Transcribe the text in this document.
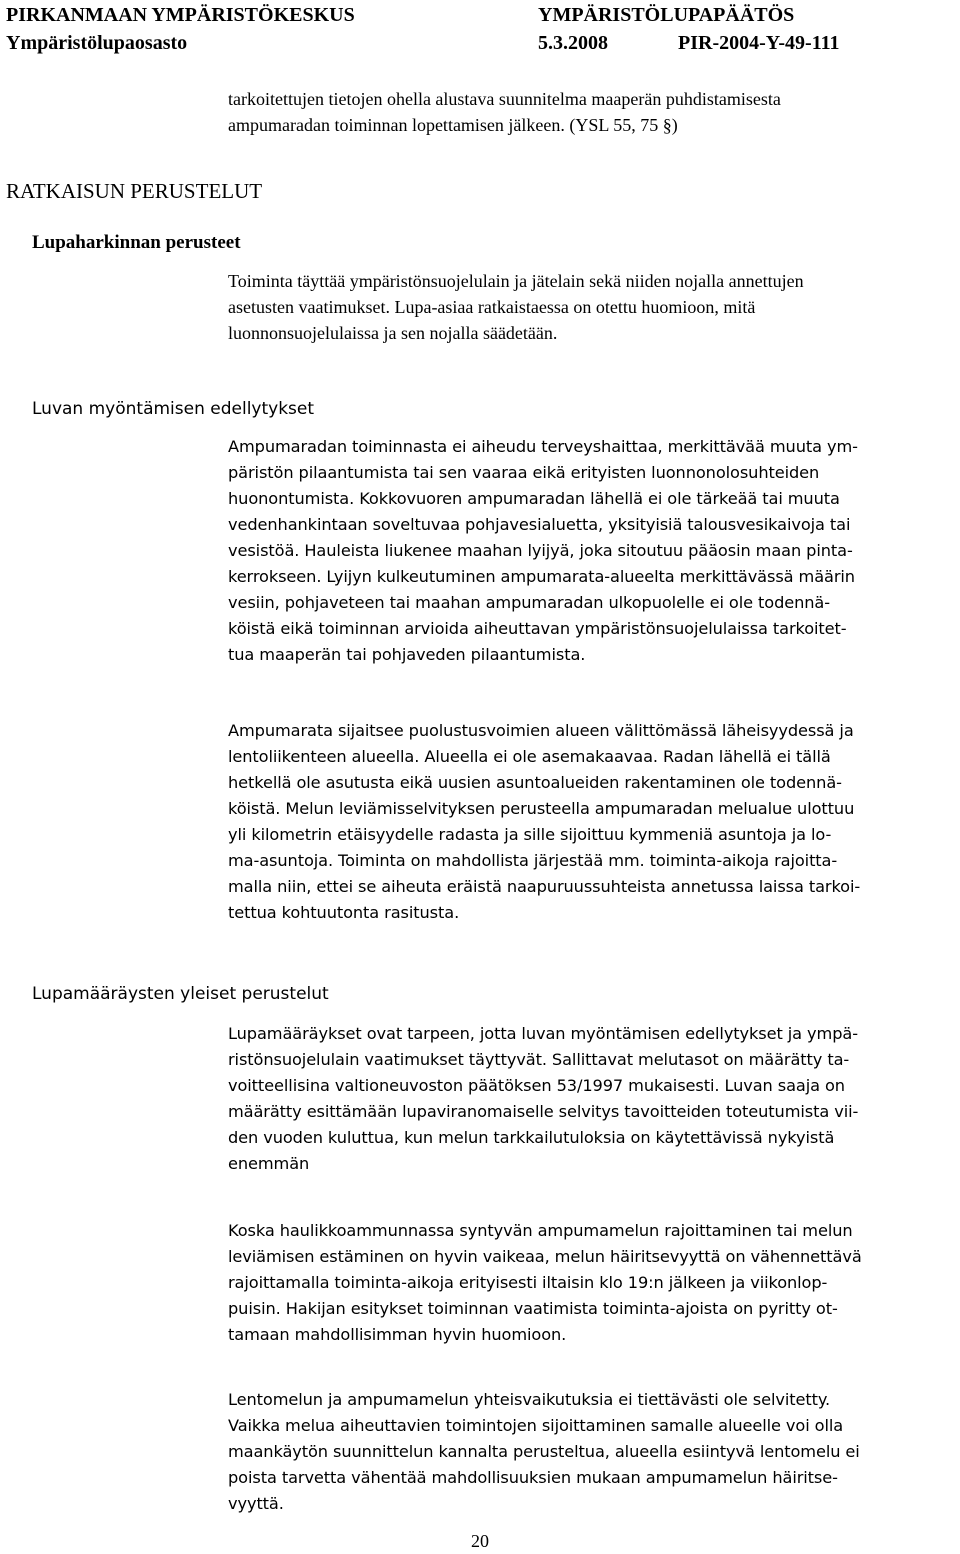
PIRKANMAAN YMPÄRISTÖKESKUS	YMPÄRISTÖLUPAPÄÄTÖS
Ympäristölupaosasto	5.3.2008	PIR-2004-Y-49-111
tarkoitettujen tietojen ohella alustava suunnitelma maaperän puhdistamisesta
ampumaradan toiminnan lopettamisen jälkeen. (YSL 55, 75 §)
RATKAISUN PERUSTELUT
Lupaharkinnan perusteet
Toiminta täyttää ympäristönsuojelulain ja jätelain sekä niiden nojalla annettujen
asetusten vaatimukset. Lupa-asiaa ratkaistaessa on otettu huomioon, mitä
luonnonsuojelulaissa ja sen nojalla säädetään.
Luvan myöntämisen edellytykset
Ampumaradan toiminnasta ei aiheudu terveyshaittaa, merkittävää muuta ym-
päristön pilaantumista tai sen vaaraa eikä erityisten luonnonolosuhteiden
huonontumista. Kokkovuoren ampumaradan lähellä ei ole tärkeää tai muuta
vedenhankintaan soveltuvaa pohjavesialuetta, yksityisiä talousvesikaivoja tai
vesistöä. Hauleista liukenee maahan lyijyä, joka sitoutuu pääosin maan pinta-
kerrokseen. Lyijyn kulkeutuminen ampumarata-alueelta merkittävässä määrin
vesiin, pohjaveteen tai maahan ampumaradan ulkopuolelle ei ole todennä-
köistä eikä toiminnan arvioida aiheuttavan ympäristönsuojelulaissa tarkoitet-
tua maaperän tai pohjaveden pilaantumista.
Ampumarata sijaitsee puolustusvoimien alueen välittömässä läheisyydessä ja
lentoliikenteen alueella. Alueella ei ole asemakaavaa. Radan lähellä ei tällä
hetkellä ole asutusta eikä uusien asuntoalueiden rakentaminen ole todennä-
köistä. Melun leviämisselvityksen perusteella ampumaradan melualue ulottuu
yli kilometrin etäisyydelle radasta ja sille sijoittuu kymmeniä asuntoja ja lo-
ma-asuntoja. Toiminta on mahdollista järjestää mm. toiminta-aikoja rajoitta-
malla niin, ettei se aiheuta eräistä naapuruussuhteista annetussa laissa tarkoi-
tettua kohtuutonta rasitusta.
Lupamääräysten yleiset perustelut
Lupamääräykset ovat tarpeen, jotta luvan myöntämisen edellytykset ja ympä-
ristönsuojelulain vaatimukset täyttyvät. Sallittavat melutasot on määrätty ta-
voitteellisina valtioneuvoston päätöksen 53/1997 mukaisesti. Luvan saaja on
määrätty esittämään lupaviranomaiselle selvitys tavoitteiden toteutumista vii-
den vuoden kuluttua, kun melun tarkkailutuloksia on käytettävissä nykyistä
enemmän
Koska haulikkoammunnassa syntyvän ampumamelun rajoittaminen tai melun
leviämisen estäminen on hyvin vaikeaa, melun häiritsevyyttä on vähennettävä
rajoittamalla toiminta-aikoja erityisesti iltaisin klo 19:n jälkeen ja viikonlop-
puisin. Hakijan esitykset toiminnan vaatimista toiminta-ajoista on pyritty ot-
tamaan mahdollisimman hyvin huomioon.
Lentomelun ja ampumamelun yhteisvaikutuksia ei tiettävästi ole selvitetty.
Vaikka melua aiheuttavien toimintojen sijoittaminen samalle alueelle voi olla
maankäytön suunnittelun kannalta perusteltua, alueella esiintyvä lentomelu ei
poista tarvetta vähentää mahdollisuuksien mukaan ampumamelun häiritse-
vyyttä.
20
